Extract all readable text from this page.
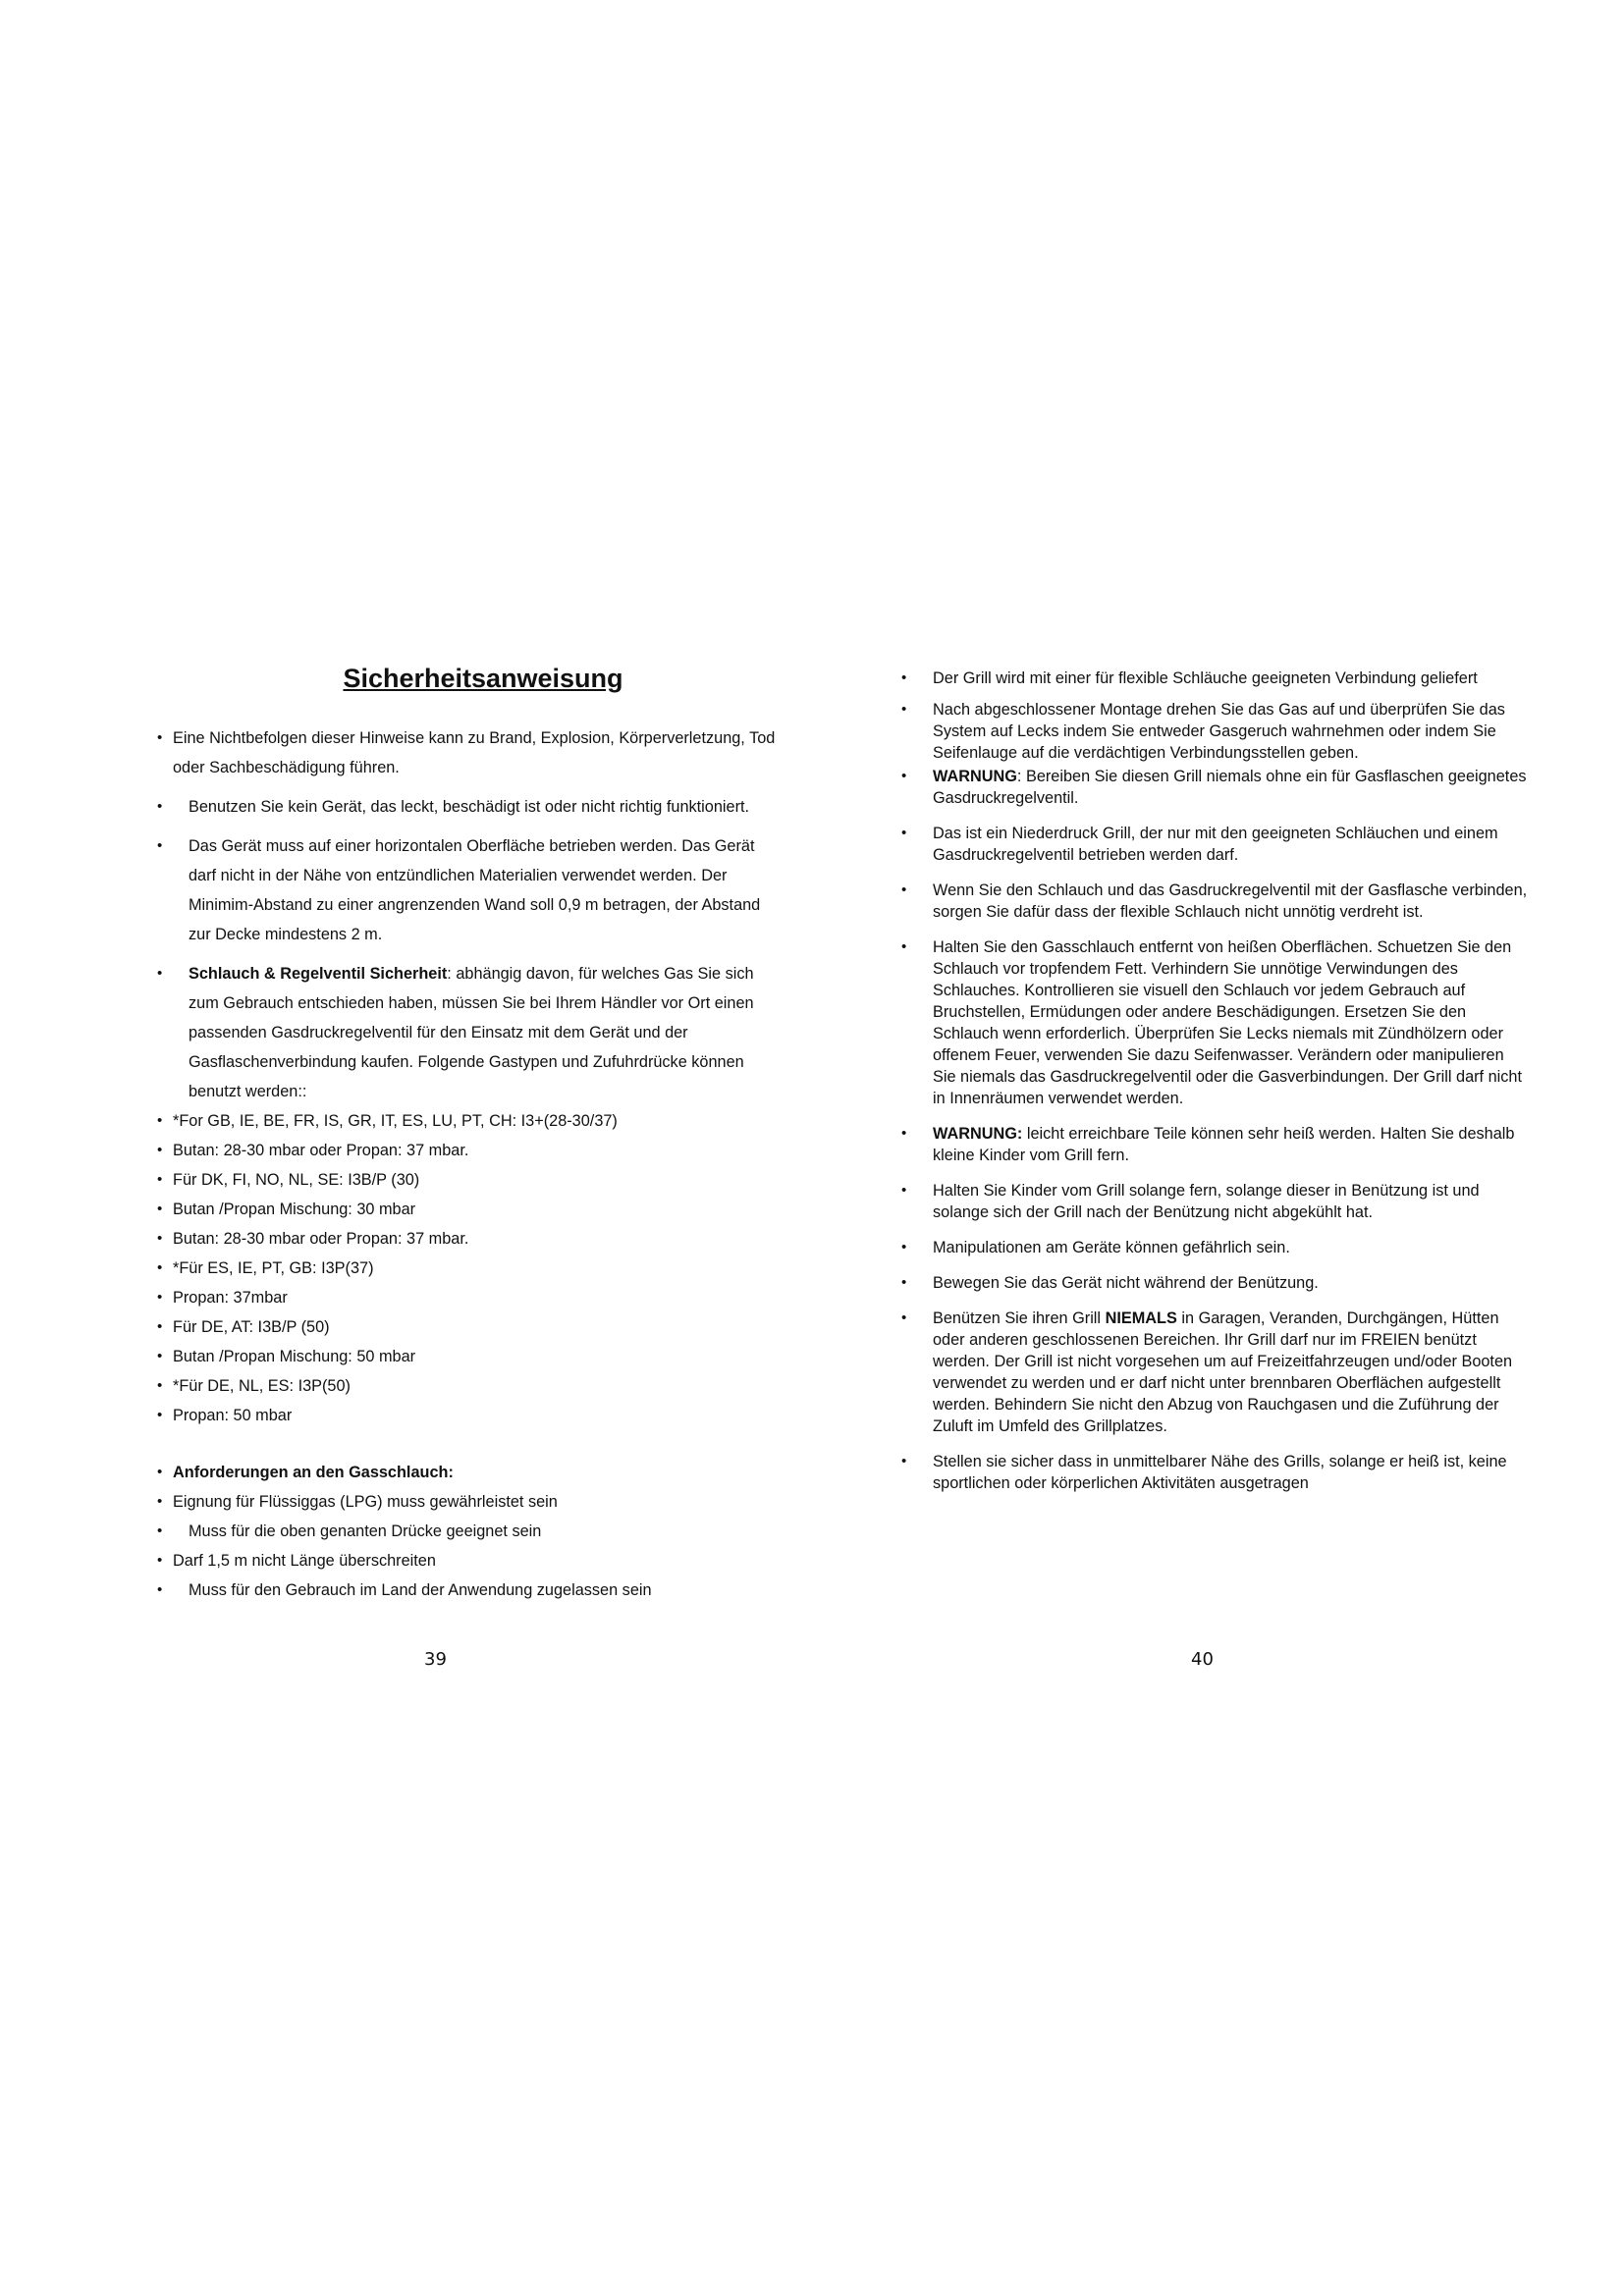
Sicherheitsanweisung
• Eine Nichtbefolgen dieser Hinweise kann zu Brand, Explosion, Körperverletzung, Tod oder Sachbeschädigung führen.
• Benutzen Sie kein Gerät, das leckt, beschädigt ist oder nicht richtig funktioniert.
• Das Gerät muss auf einer horizontalen Oberfläche betrieben werden. Das Gerät darf nicht in der Nähe von entzündlichen Materialien verwendet werden. Der Minimim-Abstand zu einer angrenzenden Wand soll 0,9 m betragen, der Abstand zur Decke mindestens 2 m.
• Schlauch & Regelventil Sicherheit: abhängig davon, für welches Gas Sie sich zum Gebrauch entschieden haben, müssen Sie bei Ihrem Händler vor Ort einen passenden Gasdruckregelventil für den Einsatz mit dem Gerät und der Gasflaschenverbindung kaufen. Folgende Gastypen und Zufuhrdrücke können benutzt werden::
• *For GB, IE, BE, FR, IS, GR, IT, ES, LU, PT, CH: I3+(28-30/37)
• Butan: 28-30 mbar oder Propan: 37 mbar.
• Für DK, FI, NO, NL, SE: I3B/P (30)
• Butan /Propan Mischung: 30 mbar
• Butan: 28-30 mbar oder Propan: 37 mbar.
• *Für ES, IE, PT, GB: I3P(37)
• Propan: 37mbar
• Für DE, AT: I3B/P (50)
• Butan /Propan Mischung: 50 mbar
• *Für DE, NL, ES: I3P(50)
• Propan: 50 mbar
• Anforderungen an den Gasschlauch:
• Eignung für Flüssiggas (LPG) muss gewährleistet sein
• Muss für die oben genanten Drücke geeignet sein
• Darf 1,5 m nicht Länge überschreiten
• Muss für den Gebrauch im Land der Anwendung zugelassen sein
• Der Grill wird mit einer für flexible Schläuche geeigneten Verbindung geliefert
• Nach abgeschlossener Montage drehen Sie das Gas auf und überprüfen Sie das System auf Lecks indem Sie entweder Gasgeruch wahrnehmen oder indem Sie Seifenlauge auf die verdächtigen Verbindungsstellen geben.
• WARNUNG: Bereiben Sie diesen Grill niemals ohne ein für Gasflaschen geeignetes Gasdruckregelventil.
• Das ist ein Niederdruck Grill, der nur mit den geeigneten Schläuchen und einem Gasdruckregelventil betrieben werden darf.
• Wenn Sie den Schlauch und das Gasdruckregelventil mit der Gasflasche verbinden, sorgen Sie dafür dass der flexible Schlauch nicht unnötig verdreht ist.
• Halten Sie den Gasschlauch entfernt von heißen Oberflächen. Schuetzen Sie den Schlauch vor tropfendem Fett. Verhindern Sie unnötige Verwindungen des Schlauches. Kontrollieren sie visuell den Schlauch vor jedem Gebrauch auf Bruchstellen, Ermüdungen oder andere Beschädigungen. Ersetzen Sie den Schlauch wenn erforderlich. Überprüfen Sie Lecks niemals mit Zündhölzern oder offenem Feuer, verwenden Sie dazu Seifenwasser. Verändern oder manipulieren Sie niemals das Gasdruckregelventil oder die Gasverbindungen. Der Grill darf nicht in Innenräumen verwendet werden.
• WARNUNG: leicht erreichbare Teile können sehr heiß werden. Halten Sie deshalb kleine Kinder vom Grill fern.
• Halten Sie Kinder vom Grill solange fern, solange dieser in Benützung ist und solange sich der Grill nach der Benützung nicht abgekühlt hat.
• Manipulationen am Geräte können gefährlich sein.
• Bewegen Sie das Gerät nicht während der Benützung.
• Benützen Sie ihren Grill NIEMALS in Garagen, Veranden, Durchgängen, Hütten oder anderen geschlossenen Bereichen. Ihr Grill darf nur im FREIEN benützt werden. Der Grill ist nicht vorgesehen um auf Freizeitfahrzeugen und/oder Booten verwendet zu werden und er darf nicht unter brennbaren Oberflächen aufgestellt werden. Behindern Sie nicht den Abzug von Rauchgasen und die Zuführung der Zuluft im Umfeld des Grillplatzes.
• Stellen sie sicher dass in unmittelbarer Nähe des Grills, solange er heiß ist, keine sportlichen oder körperlichen Aktivitäten ausgetragen
39	40
